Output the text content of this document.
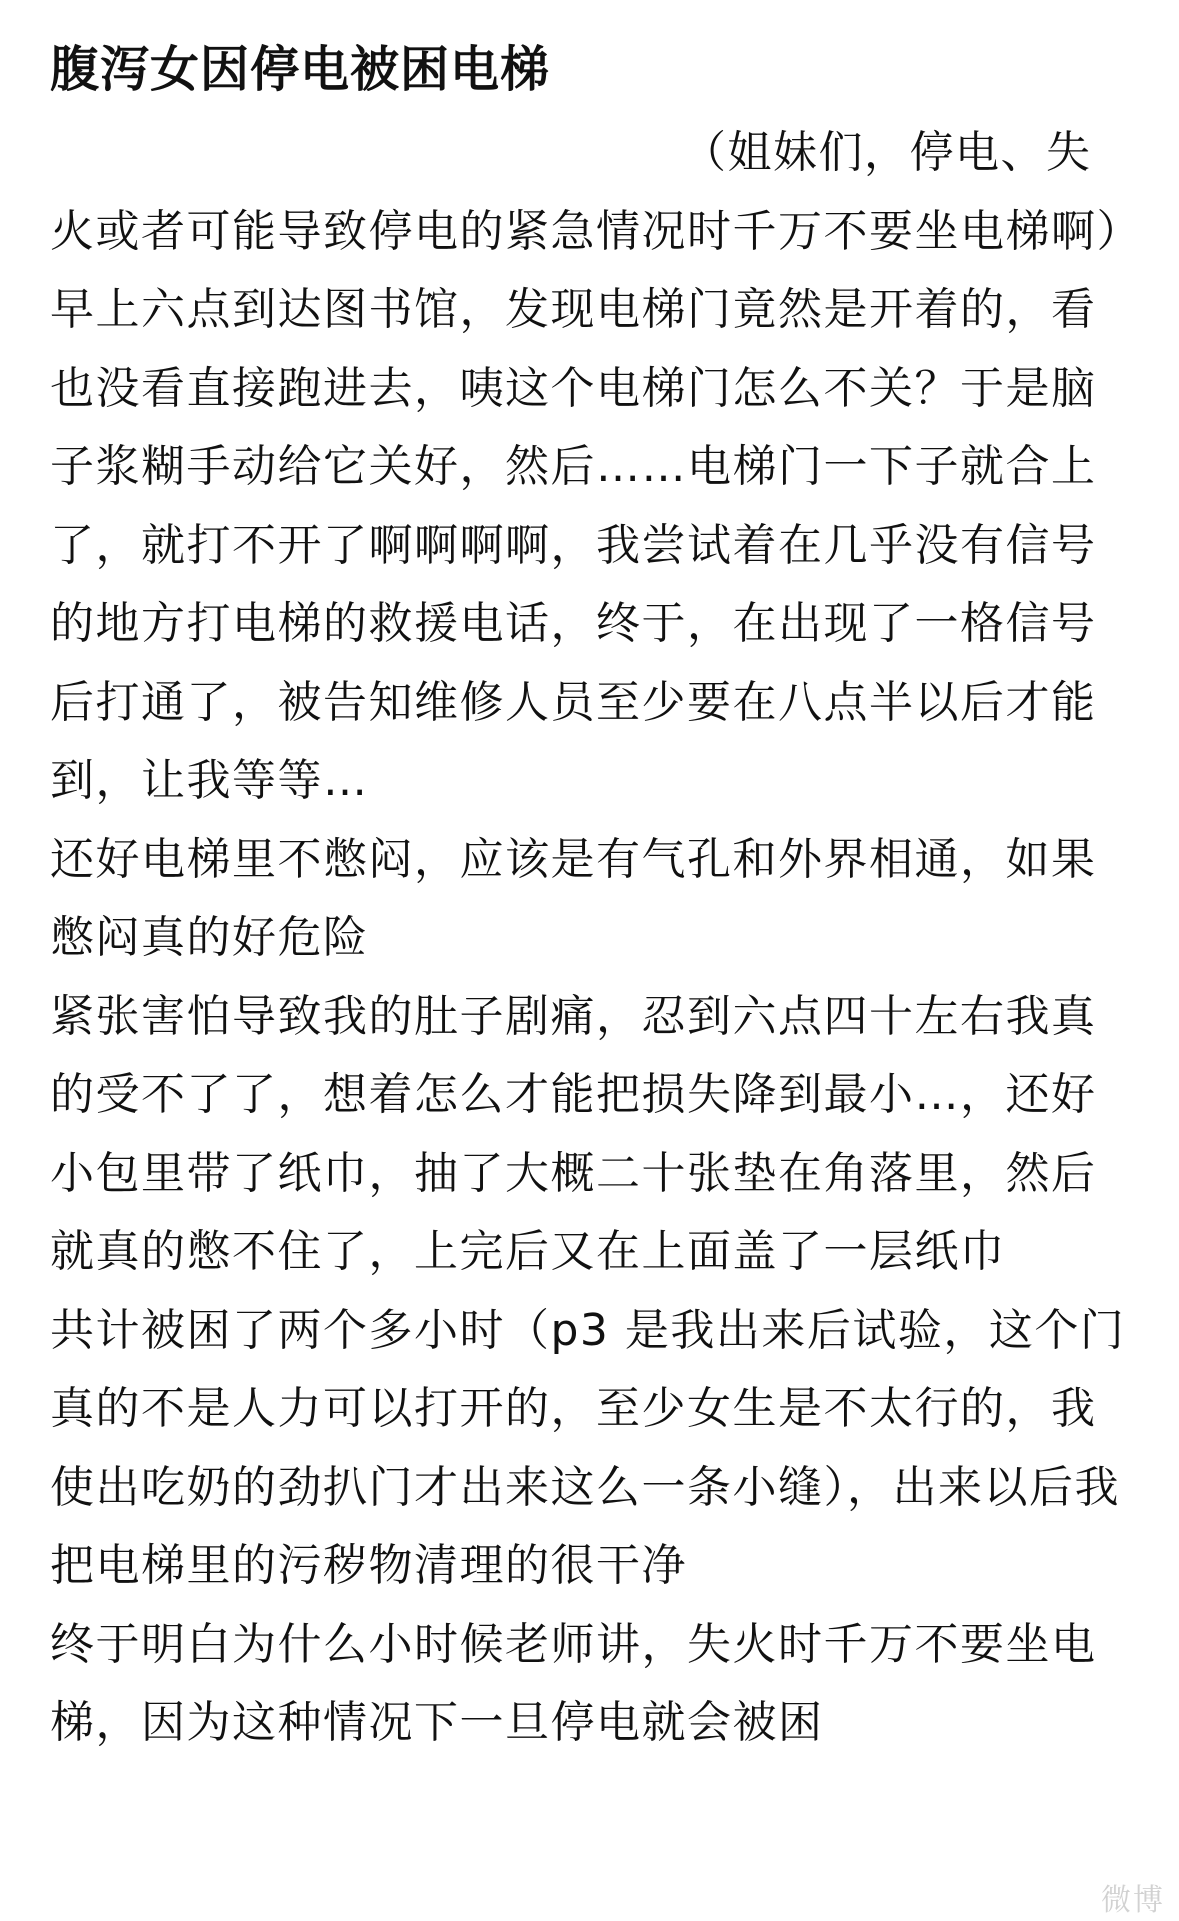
腹泻女因停电被困电梯

（姐妹们，停电、失火或者可能导致停电的紧急情况时千万不要坐电梯啊）

早上六点到达图书馆，发现电梯门竟然是开着的，看也没看直接跑进去，咦这个电梯门怎么不关？于是脑子浆糊手动给它关好，然后……电梯门一下子就合上了，就打不开了啊啊啊啊，我尝试着在几乎没有信号的地方打电梯的救援电话，终于，在出现了一格信号后打通了，被告知维修人员至少要在八点半以后才能到，让我等等…

还好电梯里不憋闷，应该是有气孔和外界相通，如果憋闷真的好危险

紧张害怕导致我的肚子剧痛，忍到六点四十左右我真的受不了了，想着怎么才能把损失降到最小…，还好小包里带了纸巾，抽了大概二十张垫在角落里，然后就真的憋不住了，上完后又在上面盖了一层纸巾

共计被困了两个多小时（p3 是我出来后试验，这个门真的不是人力可以打开的，至少女生是不太行的，我使出吃奶的劲扒门才出来这么一条小缝），出来以后我把电梯里的污秽物清理的很干净

终于明白为什么小时候老师讲，失火时千万不要坐电梯，因为这种情况下一旦停电就会被困

微博
